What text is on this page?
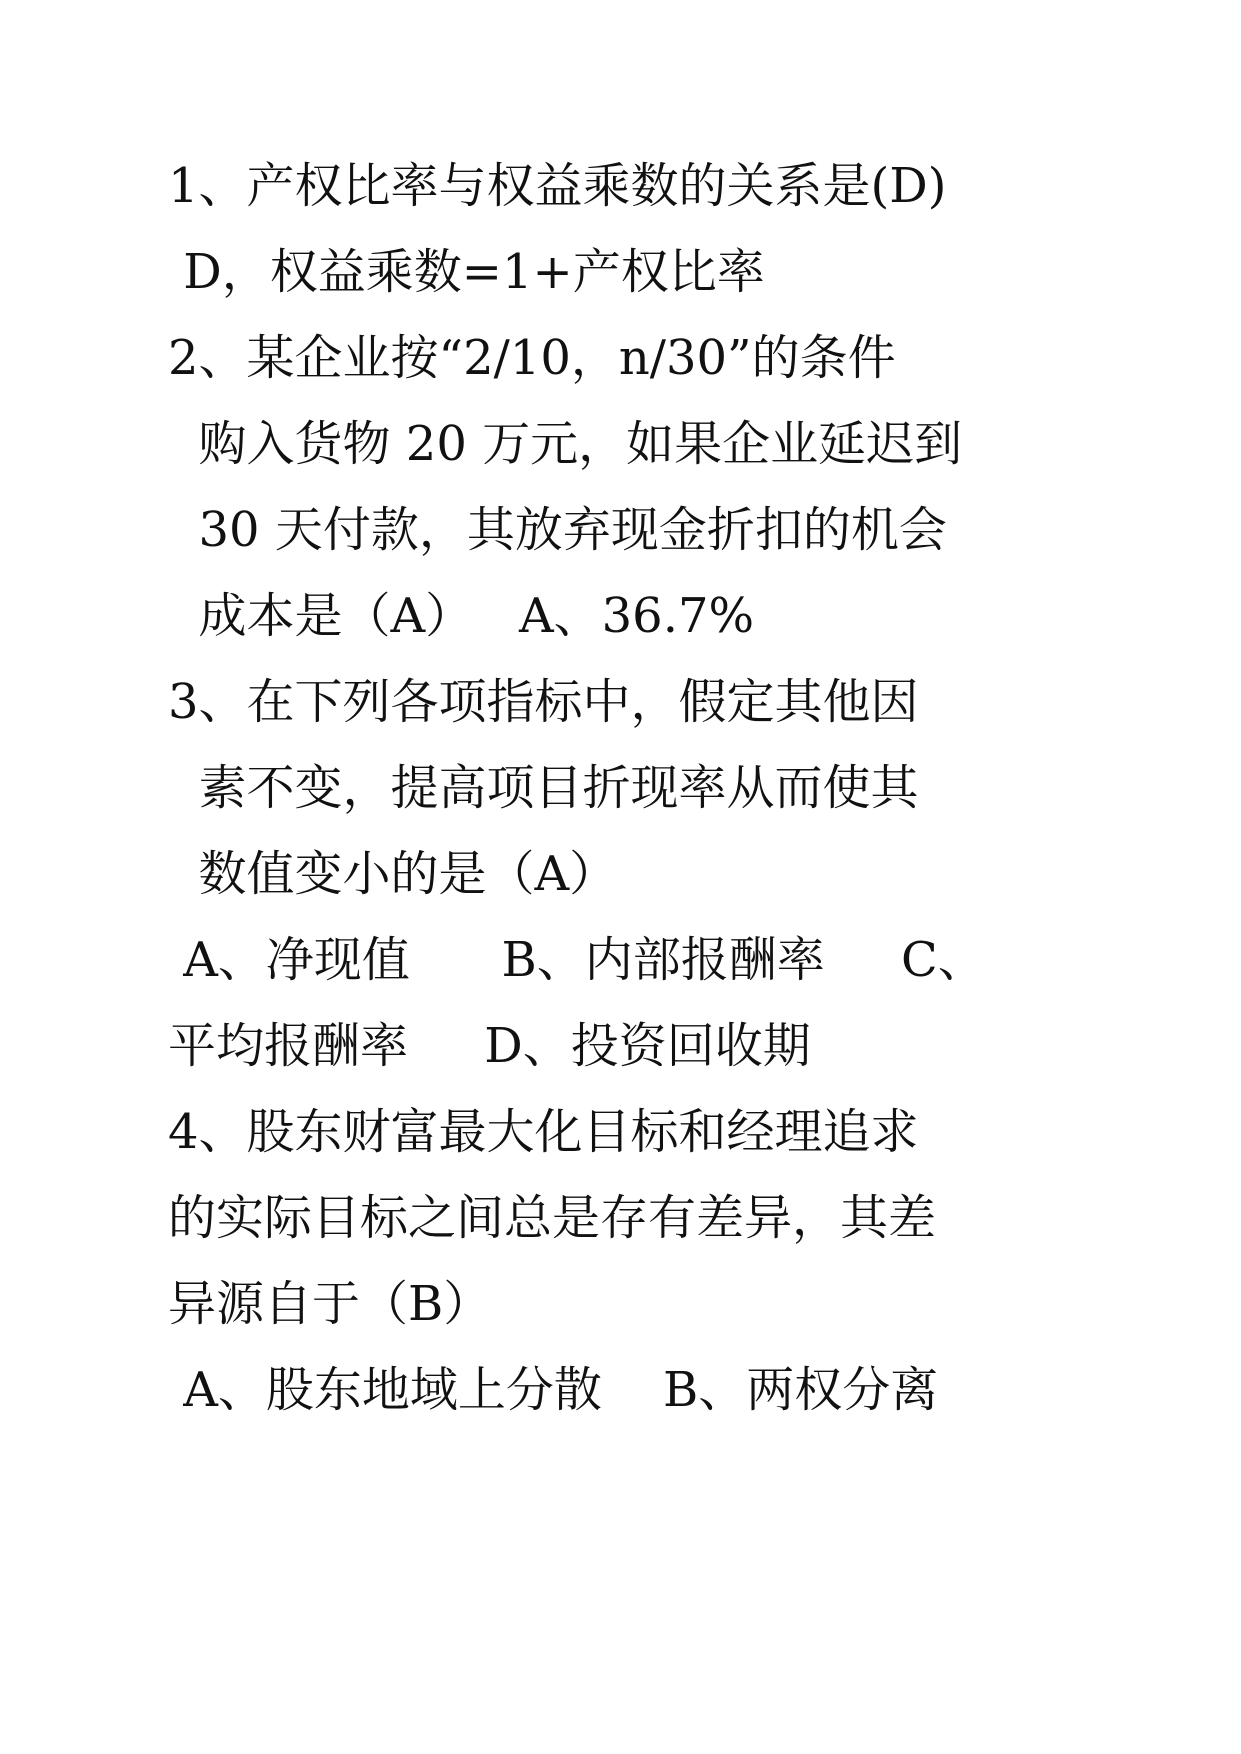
1、产权比率与权益乘数的关系是(D)
D，权益乘数=1+产权比率
2、某企业按“2/10，n/30”的条件
购入货物 20 万元，如果企业延迟到
30 天付款，其放弃现金折扣的机会
成本是（A）   A、36.7%
3、在下列各项指标中，假定其他因
素不变，提高项目折现率从而使其
数值变小的是（A）
A、净现值      B、内部报酬率     C、
平均报酬率     D、投资回收期
4、股东财富最大化目标和经理追求
的实际目标之间总是存有差异，其差
异源自于（B）
A、股东地域上分散    B、两权分离
